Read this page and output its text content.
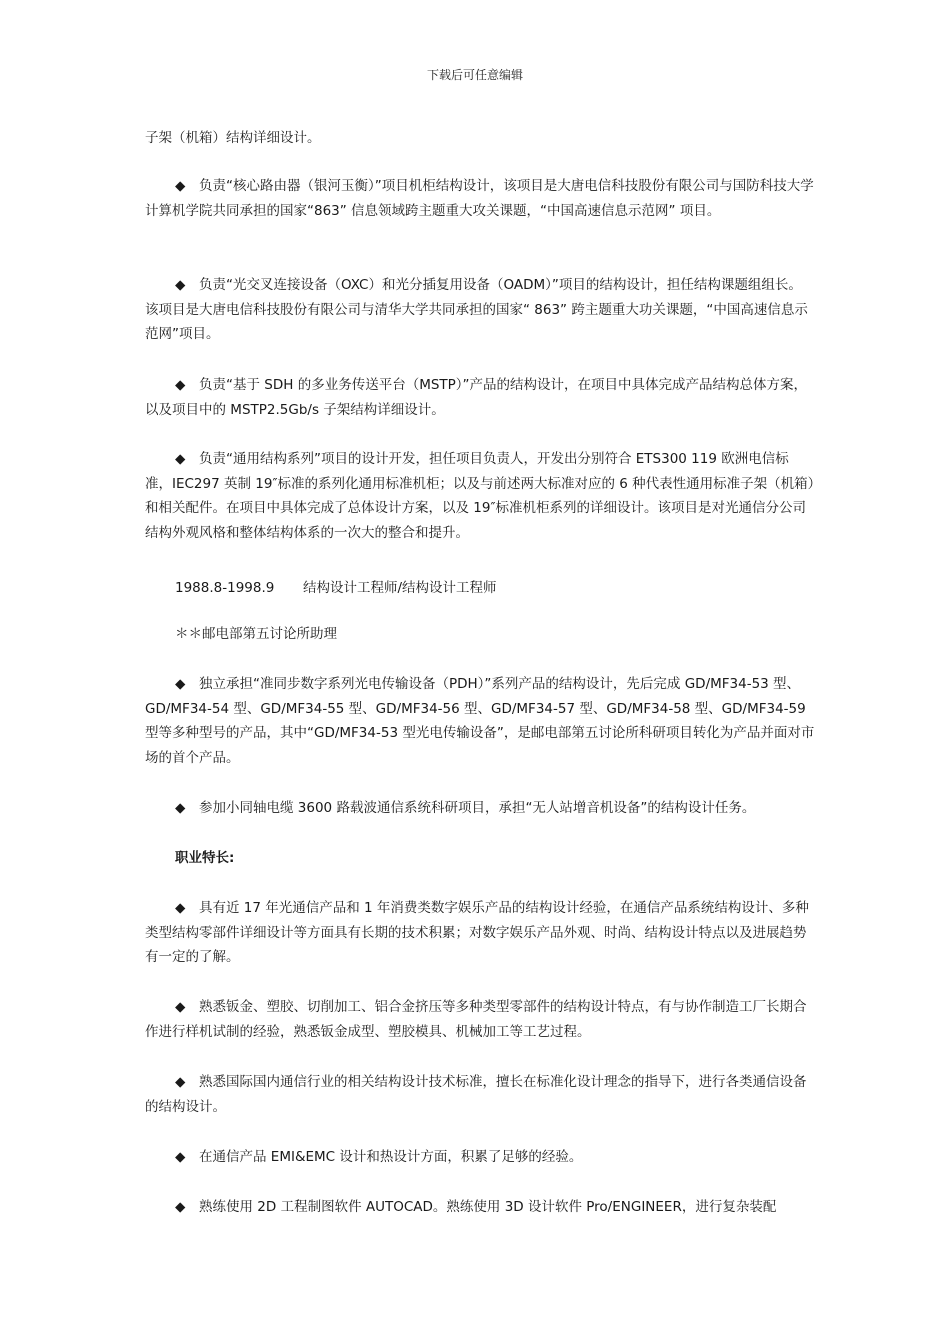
下载后可任意编辑

子架（机箱）结构详细设计。

◆ 负责“核心路由器（银河玉衡）”项目机柜结构设计，该项目是大唐电信科技股份有限公司与国防科技大学计算机学院共同承担的国家“863” 信息领域跨主题重大攻关课题，“中国高速信息示范网” 项目。

◆ 负责“光交叉连接设备（OXC）和光分插复用设备（OADM）”项目的结构设计，担任结构课题组组长。该项目是大唐电信科技股份有限公司与清华大学共同承担的国家“ 863” 跨主题重大功关课题，“中国高速信息示范网”项目。

◆ 负责“基于 SDH 的多业务传送平台（MSTP）”产品的结构设计，在项目中具体完成产品结构总体方案，以及项目中的 MSTP2.5Gb/s 子架结构详细设计。

◆ 负责“通用结构系列”项目的设计开发，担任项目负责人，开发出分别符合 ETS300 119 欧洲电信标准，IEC297 英制 19″标准的系列化通用标准机柜；以及与前述两大标准对应的 6 种代表性通用标准子架（机箱）和相关配件。在项目中具体完成了总体设计方案，以及 19″标准机柜系列的详细设计。该项目是对光通信分公司结构外观风格和整体结构体系的一次大的整合和提升。

1988.8-1998.9 结构设计工程师/结构设计工程师

＊＊邮电部第五讨论所助理

◆ 独立承担“准同步数字系列光电传输设备（PDH）”系列产品的结构设计，先后完成 GD/MF34-53 型、GD/MF34-54 型、GD/MF34-55 型、GD/MF34-56 型、GD/MF34-57 型、GD/MF34-58 型、GD/MF34-59 型等多种型号的产品，其中“GD/MF34-53 型光电传输设备”，是邮电部第五讨论所科研项目转化为产品并面对市场的首个产品。

◆ 参加小同轴电缆 3600 路载波通信系统科研项目，承担“无人站增音机设备”的结构设计任务。

职业特长:

◆ 具有近 17 年光通信产品和 1 年消费类数字娱乐产品的结构设计经验，在通信产品系统结构设计、多种类型结构零部件详细设计等方面具有长期的技术积累；对数字娱乐产品外观、时尚、结构设计特点以及进展趋势有一定的了解。

◆ 熟悉钣金、塑胶、切削加工、铝合金挤压等多种类型零部件的结构设计特点，有与协作制造工厂长期合作进行样机试制的经验，熟悉钣金成型、塑胶模具、机械加工等工艺过程。

◆ 熟悉国际国内通信行业的相关结构设计技术标准，擅长在标准化设计理念的指导下，进行各类通信设备的结构设计。

◆ 在通信产品 EMI&EMC 设计和热设计方面，积累了足够的经验。

◆ 熟练使用 2D 工程制图软件 AUTOCAD。熟练使用 3D 设计软件 Pro/ENGINEER，进行复杂装配
